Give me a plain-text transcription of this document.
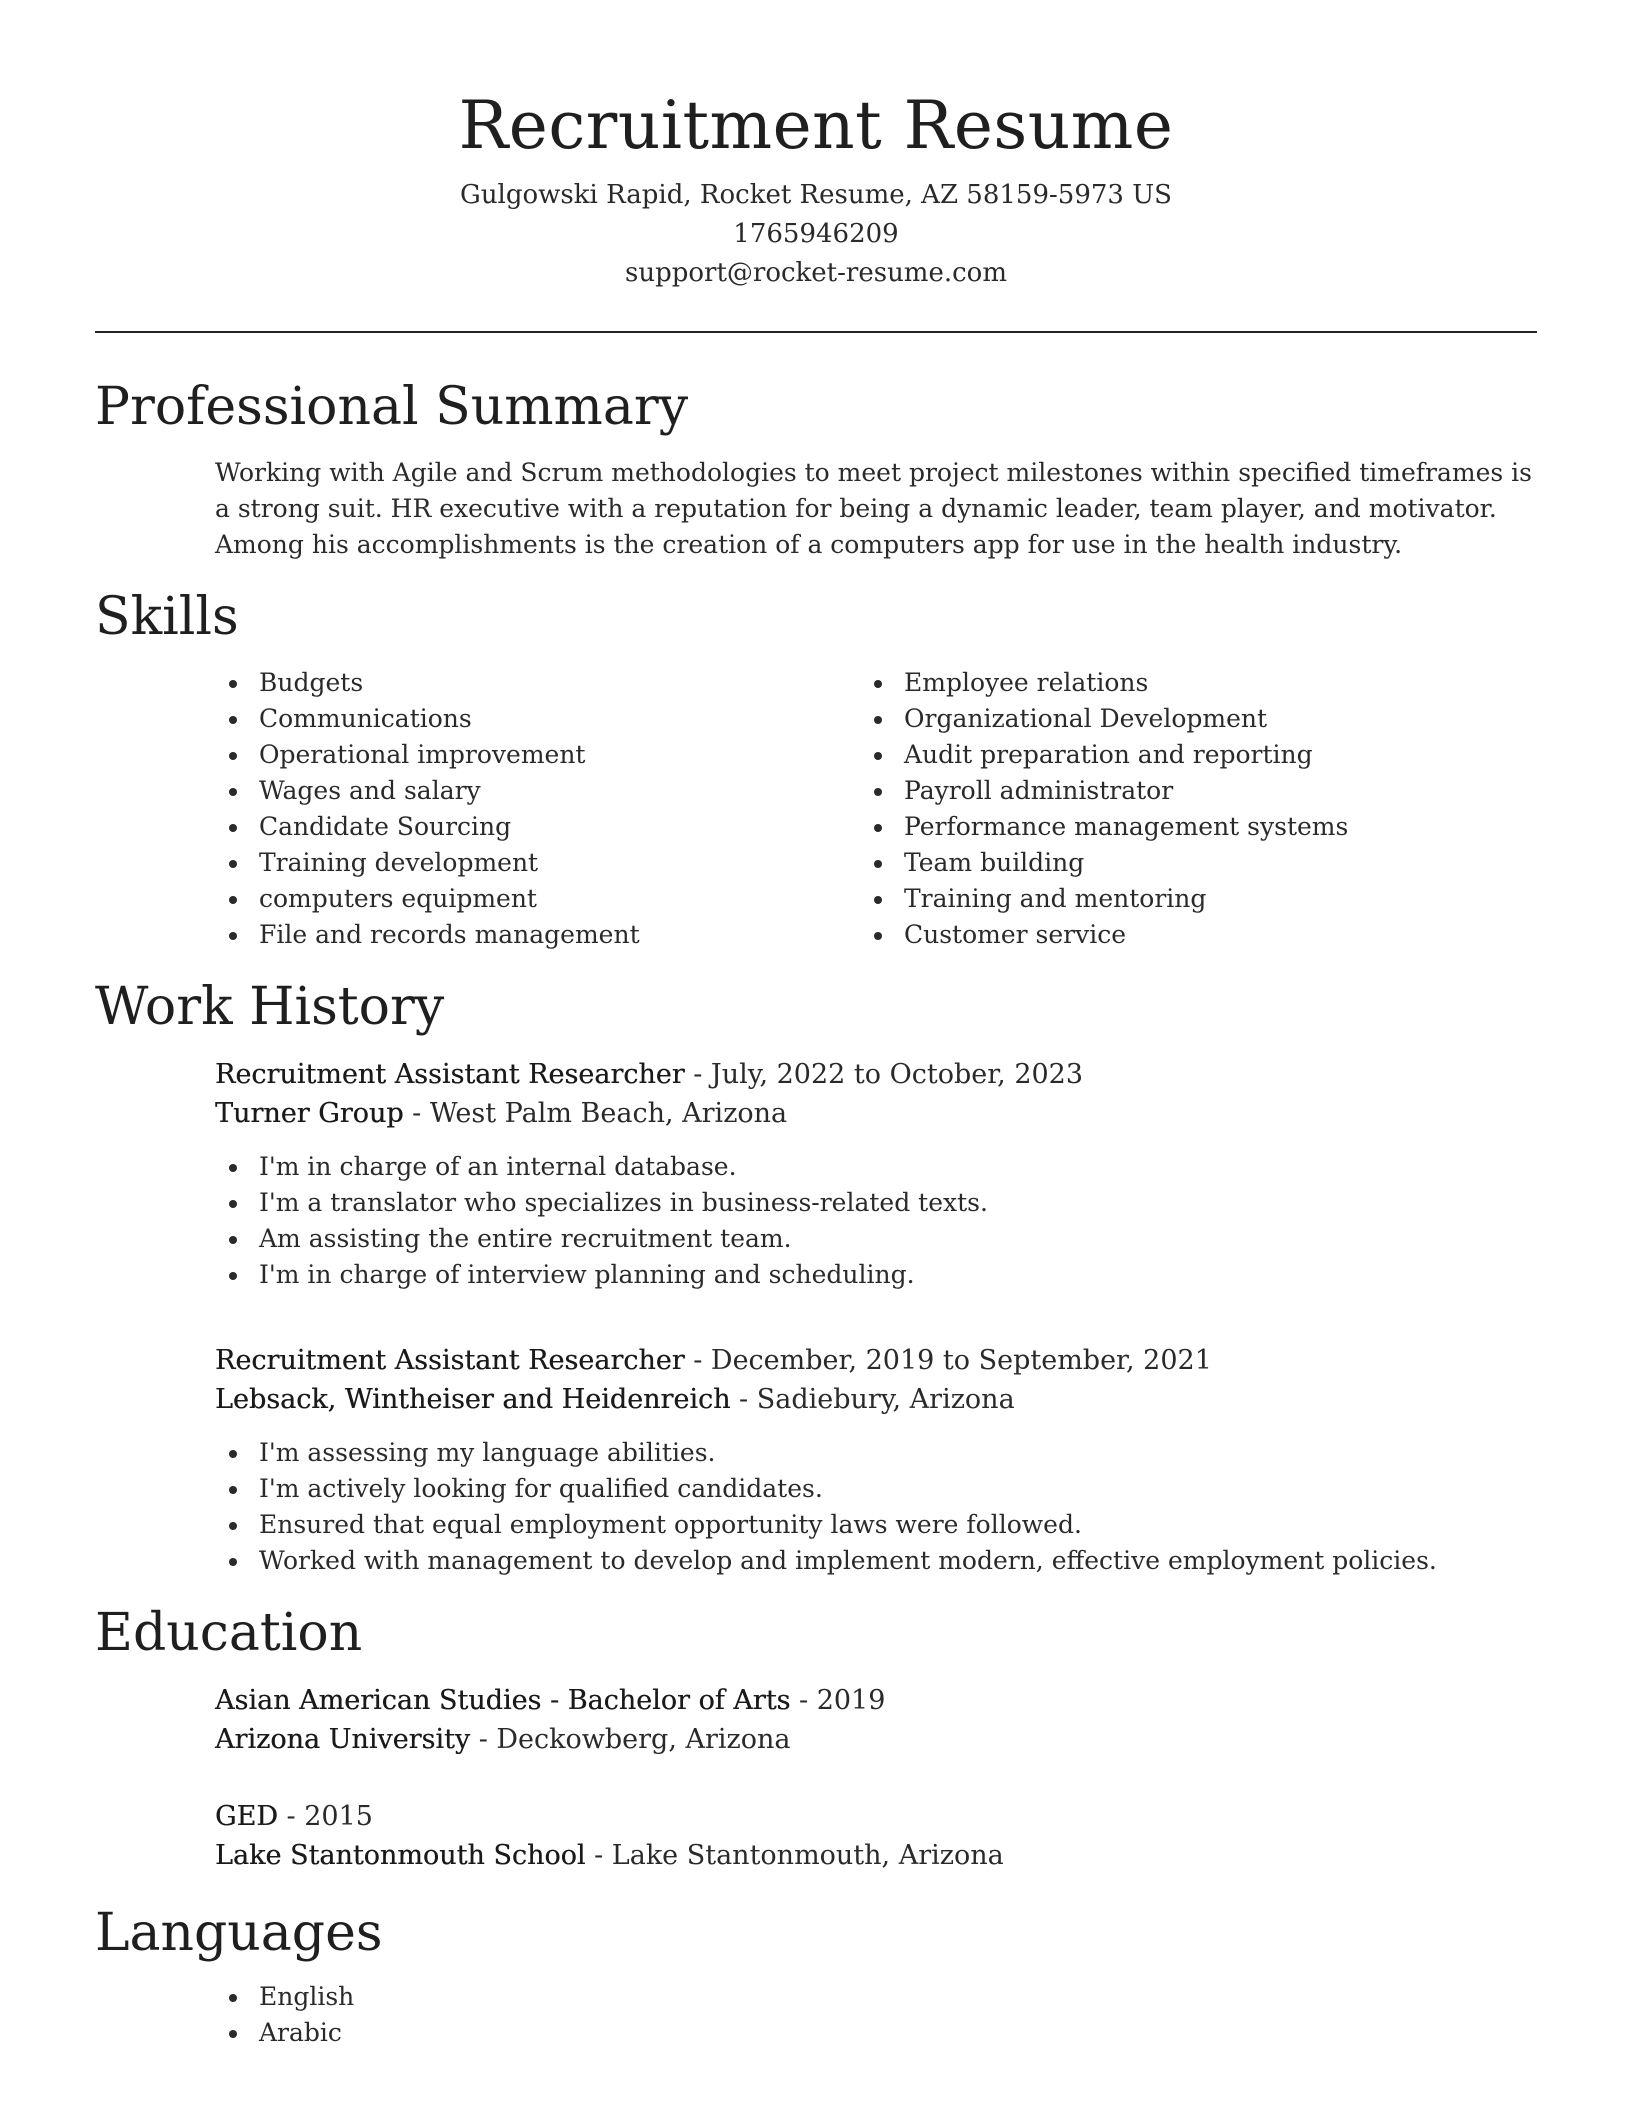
Recruitment Resume
Gulgowski Rapid, Rocket Resume, AZ 58159-5973 US
1765946209
support@rocket-resume.com
Professional Summary

Working with Agile and Scrum methodologies to meet project milestones within specified timeframes is a strong suit. HR executive with a reputation for being a dynamic leader, team player, and motivator. Among his accomplishments is the creation of a computers app for use in the health industry.

Skills
Budgets
Communications
Operational improvement
Wages and salary
Candidate Sourcing
Training development
computers equipment
File and records management
Employee relations
Organizational Development
Audit preparation and reporting
Payroll administrator
Performance management systems
Team building
Training and mentoring
Customer service
Work History
Recruitment Assistant Researcher - July, 2022 to October, 2023
Turner Group - West Palm Beach, Arizona
I'm in charge of an internal database.
I'm a translator who specializes in business-related texts.
Am assisting the entire recruitment team.
I'm in charge of interview planning and scheduling.
Recruitment Assistant Researcher - December, 2019 to September, 2021
Lebsack, Wintheiser and Heidenreich - Sadiebury, Arizona
I'm assessing my language abilities.
I'm actively looking for qualified candidates.
Ensured that equal employment opportunity laws were followed.
Worked with management to develop and implement modern, effective employment policies.
Education
Asian American Studies - Bachelor of Arts - 2019
Arizona University - Deckowberg, Arizona
GED - 2015
Lake Stantonmouth School - Lake Stantonmouth, Arizona
Languages
English
Arabic
